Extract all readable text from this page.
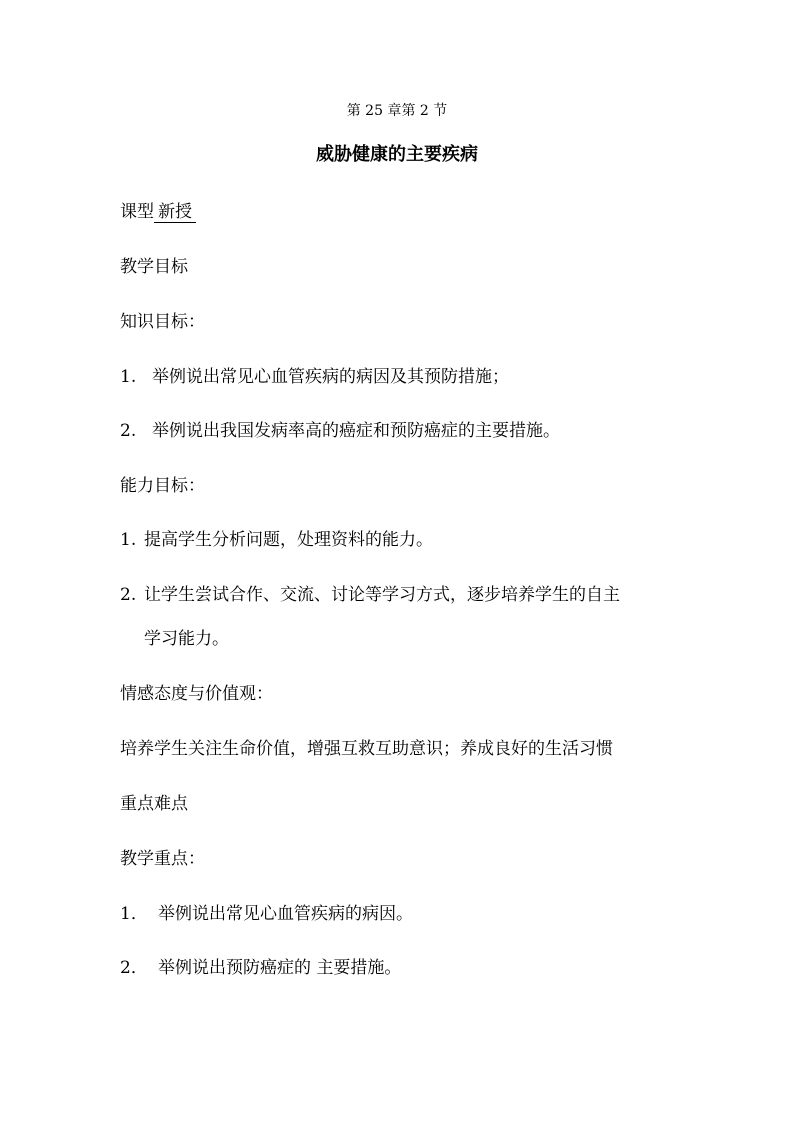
第 25 章第 2 节
威胁健康的主要疾病
课型 新授
教学目标
知识目标：
1. 举例说出常见心血管疾病的病因及其预防措施；
2. 举例说出我国发病率高的癌症和预防癌症的主要措施。
能力目标：
1. 提高学生分析问题，处理资料的能力。
2. 让学生尝试合作、交流、讨论等学习方式，逐步培养学生的自主
学习能力。
情感态度与价值观：
培养学生关注生命价值，增强互救互助意识；养成良好的生活习惯
重点难点
教学重点：
1． 举例说出常见心血管疾病的病因。
2． 举例说出预防癌症的 主要措施。
